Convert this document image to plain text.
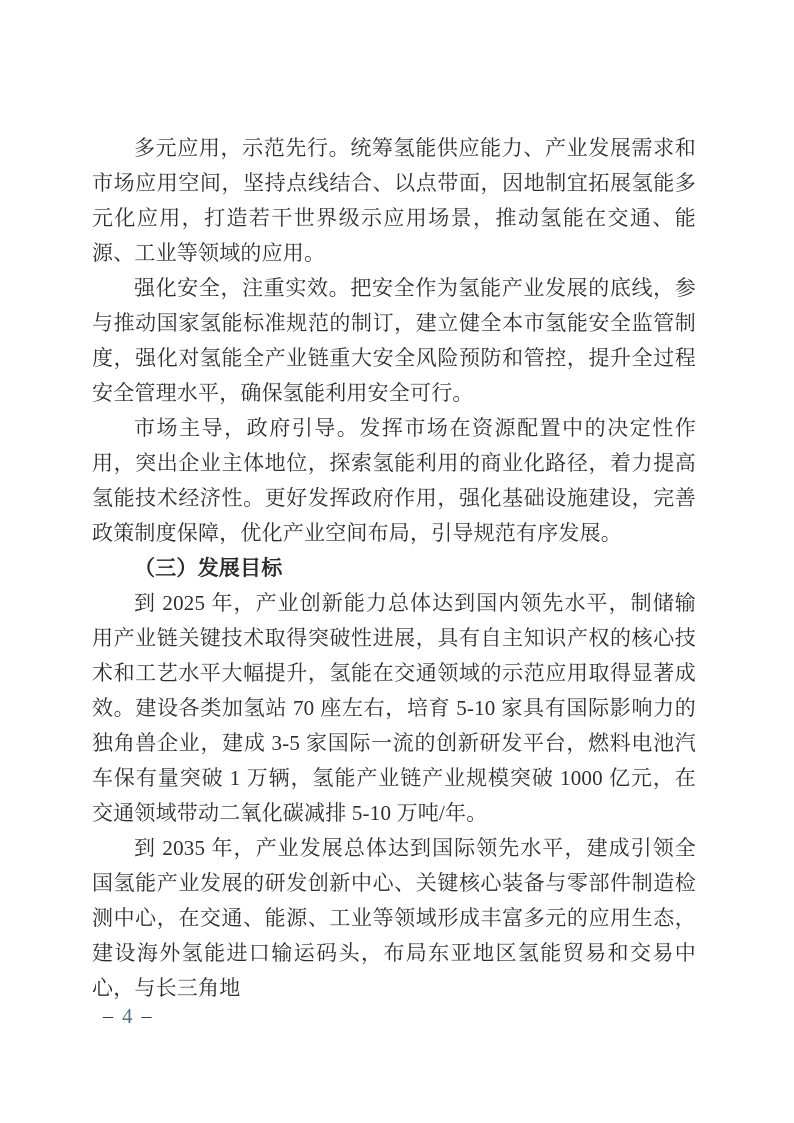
多元应用，示范先行。统筹氢能供应能力、产业发展需求和市场应用空间，坚持点线结合、以点带面，因地制宜拓展氢能多元化应用，打造若干世界级示应用场景，推动氢能在交通、能源、工业等领域的应用。

强化安全，注重实效。把安全作为氢能产业发展的底线，参与推动国家氢能标准规范的制订，建立健全本市氢能安全监管制度，强化对氢能全产业链重大安全风险预防和管控，提升全过程安全管理水平，确保氢能利用安全可行。

市场主导，政府引导。发挥市场在资源配置中的决定性作用，突出企业主体地位，探索氢能利用的商业化路径，着力提高氢能技术经济性。更好发挥政府作用，强化基础设施建设，完善政策制度保障，优化产业空间布局，引导规范有序发展。

（三）发展目标

到 2025 年，产业创新能力总体达到国内领先水平，制储输用产业链关键技术取得突破性进展，具有自主知识产权的核心技术和工艺水平大幅提升，氢能在交通领域的示范应用取得显著成效。建设各类加氢站 70 座左右，培育 5-10 家具有国际影响力的独角兽企业，建成 3-5 家国际一流的创新研发平台，燃料电池汽车保有量突破 1 万辆，氢能产业链产业规模突破 1000 亿元，在交通领域带动二氧化碳减排 5-10 万吨/年。

到 2035 年，产业发展总体达到国际领先水平，建成引领全国氢能产业发展的研发创新中心、关键核心装备与零部件制造检测中心，在交通、能源、工业等领域形成丰富多元的应用生态，建设海外氢能进口输运码头，布局东亚地区氢能贸易和交易中心，与长三角地

– 4 –
